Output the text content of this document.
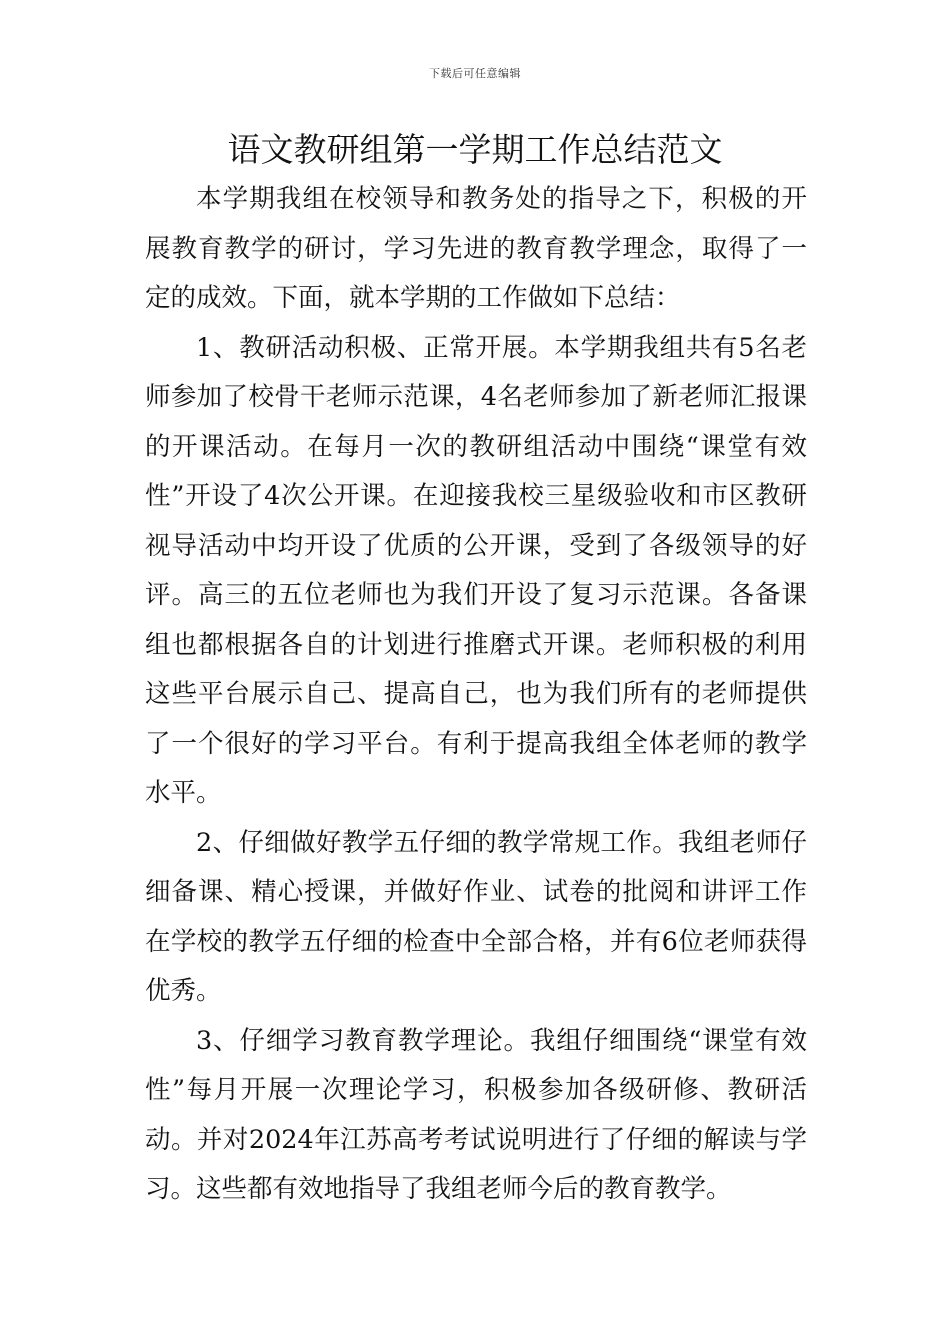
下载后可任意编辑
语文教研组第一学期工作总结范文

本学期我组在校领导和教务处的指导之下，积极的开展教育教学的研讨，学习先进的教育教学理念，取得了一定的成效。下面，就本学期的工作做如下总结：

1、教研活动积极、正常开展。本学期我组共有5名老师参加了校骨干老师示范课，4名老师参加了新老师汇报课的开课活动。在每月一次的教研组活动中围绕“课堂有效性”开设了4次公开课。在迎接我校三星级验收和市区教研视导活动中均开设了优质的公开课，受到了各级领导的好评。高三的五位老师也为我们开设了复习示范课。各备课组也都根据各自的计划进行推磨式开课。老师积极的利用这些平台展示自己、提高自己，也为我们所有的老师提供了一个很好的学习平台。有利于提高我组全体老师的教学水平。

2、仔细做好教学五仔细的教学常规工作。我组老师仔细备课、精心授课，并做好作业、试卷的批阅和讲评工作在学校的教学五仔细的检查中全部合格，并有6位老师获得优秀。

3、仔细学习教育教学理论。我组仔细围绕“课堂有效性”每月开展一次理论学习，积极参加各级研修、教研活动。并对2024年江苏高考考试说明进行了仔细的解读与学习。这些都有效地指导了我组老师今后的教育教学。
